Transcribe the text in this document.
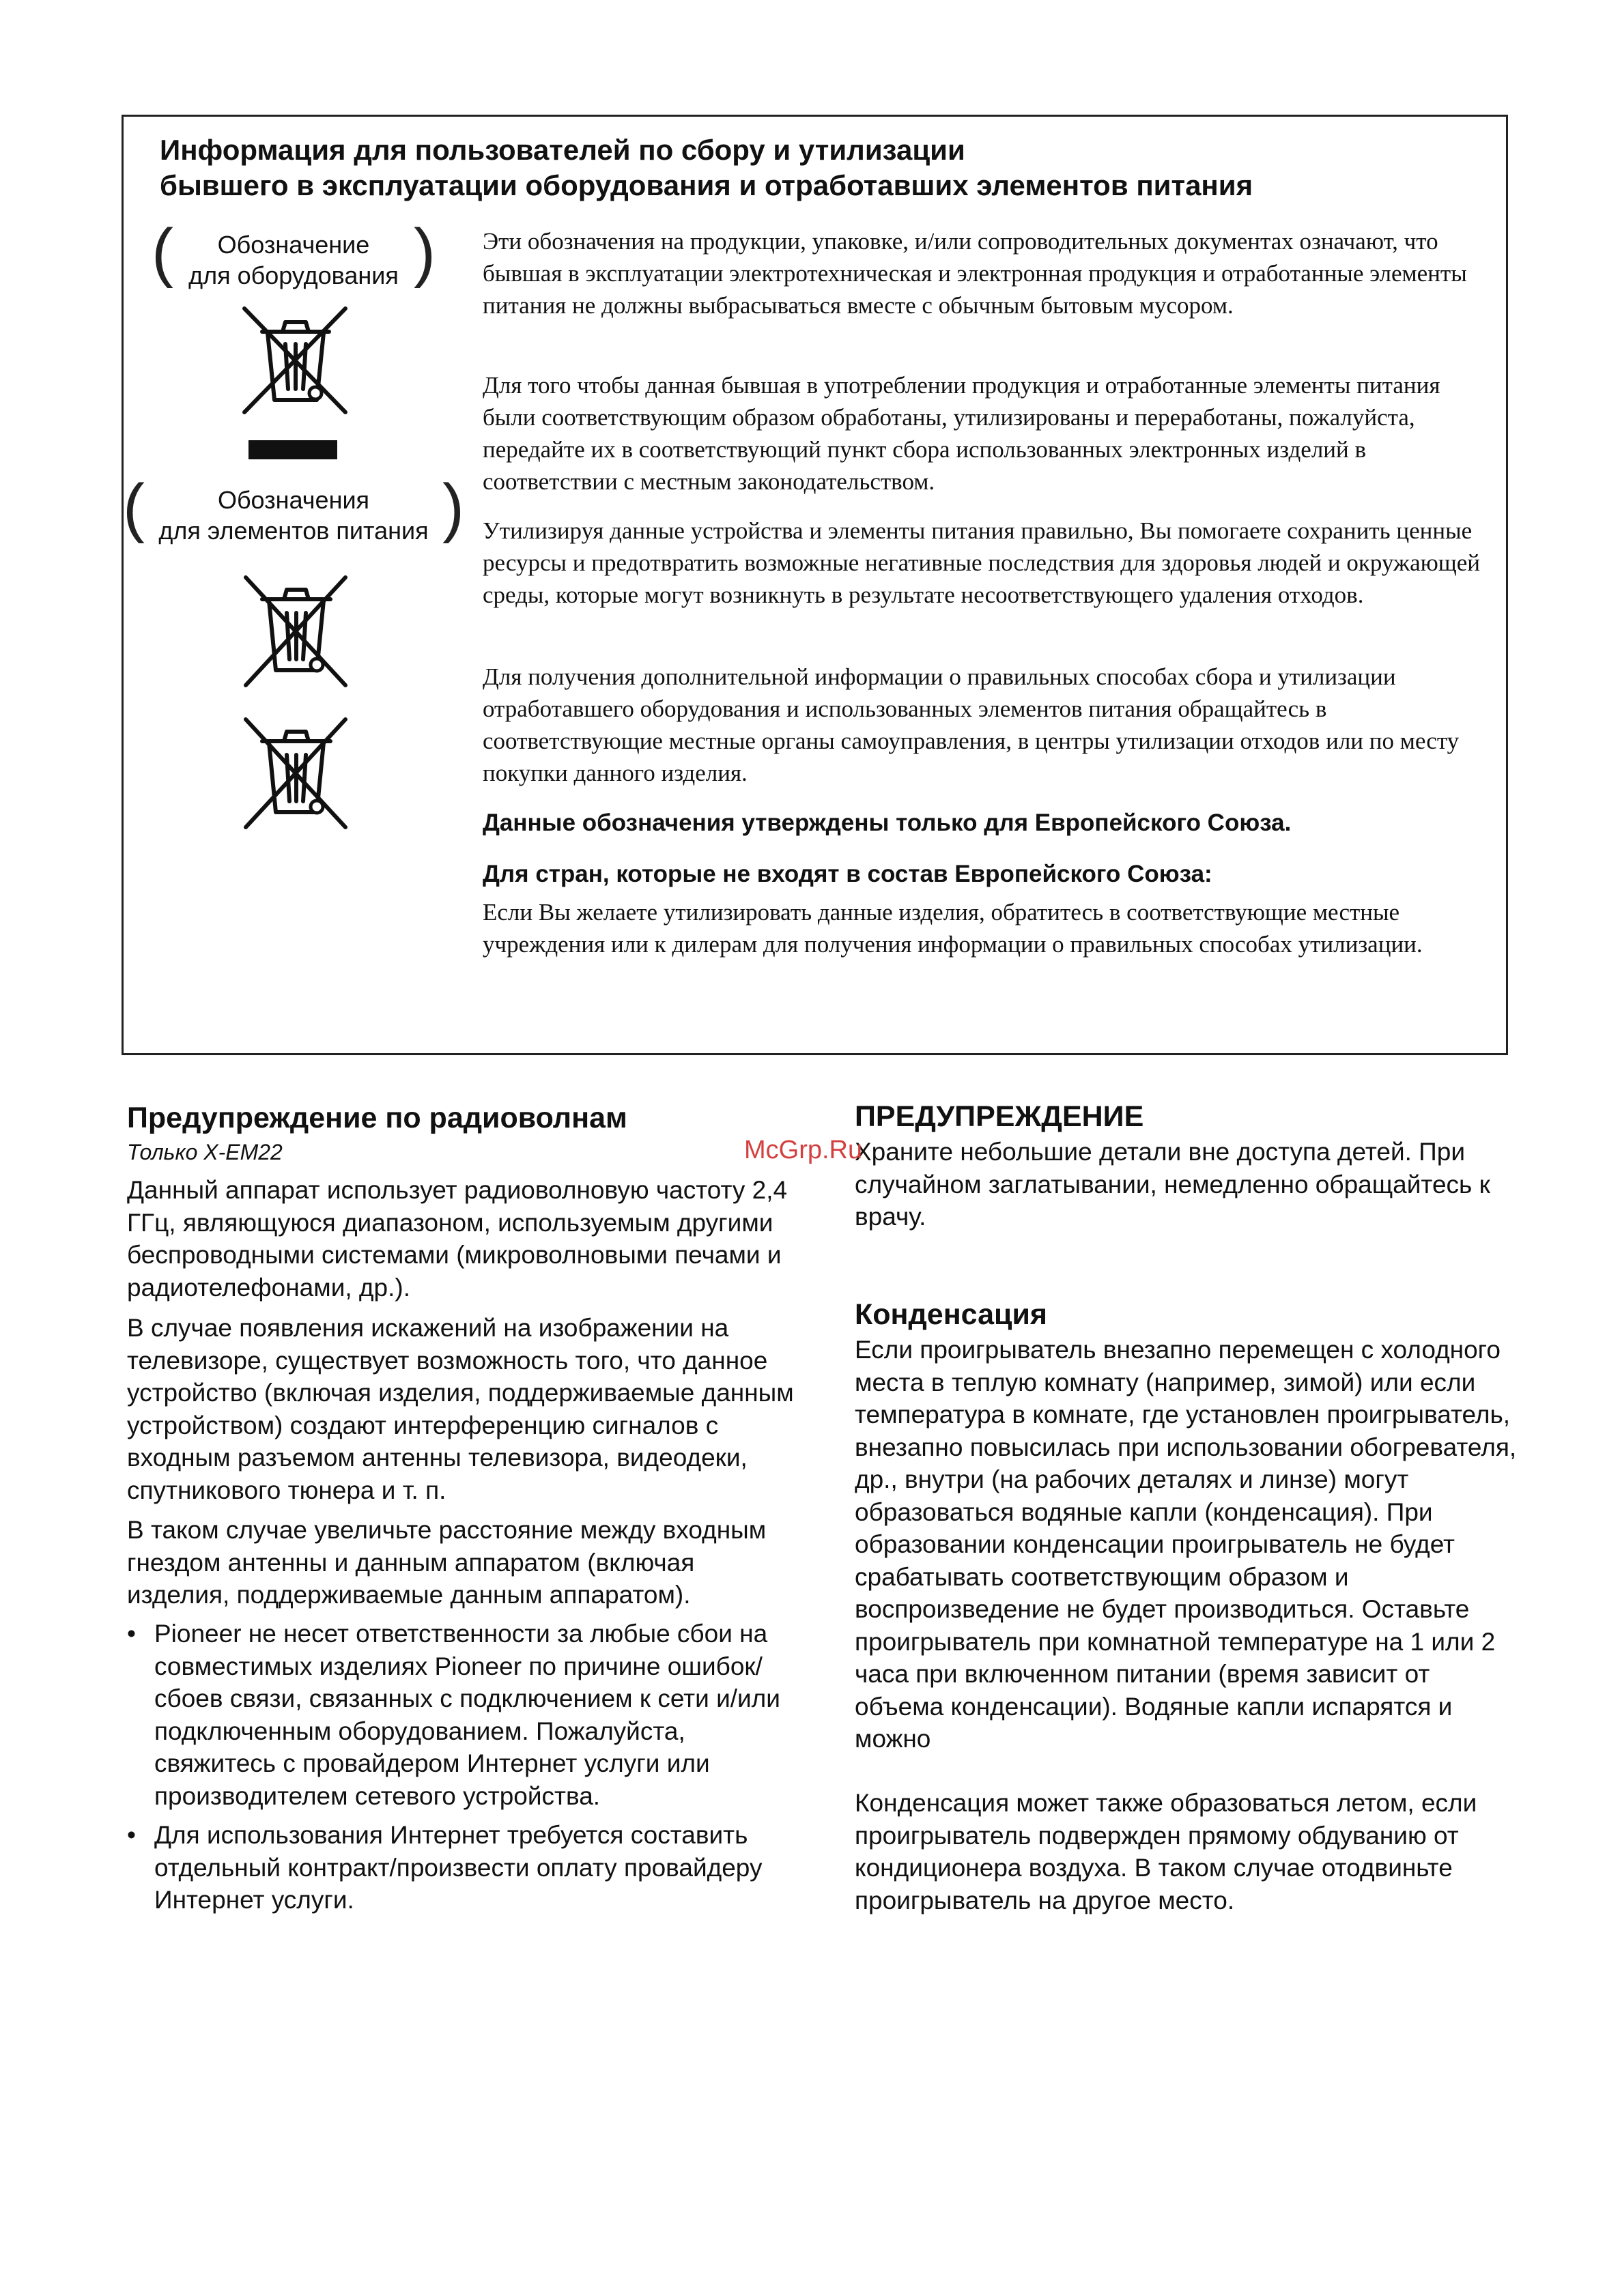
Информация для пользователей по сбору и утилизации
бывшего в эксплуатации оборудования и отработавших элементов питания
(	Обозначение
для оборудования )
(	Обозначения
для элементов питания )

Эти обозначения на продукции, упаковке, и/или сопроводительных документах означают, что бывшая в эксплуатации электротехническая и электронная продукция и отработанные элементы питания не должны выбрасываться вместе с обычным бытовым мусором.

Для того чтобы данная бывшая в употреблении продукция и отработанные элементы питания были соответствующим образом обработаны, утилизированы и переработаны, пожалуйста, передайте их в соответствующий пункт сбора использованных электронных изделий в соответствии с местным законодательством.

Утилизируя данные устройства и элементы питания правильно, Вы помогаете сохранить ценные ресурсы и предотвратить возможные негативные последствия для здоровья людей и окружающей среды, которые могут возникнуть в результате несоответствующего удаления отходов.

Для получения дополнительной информации о правильных способах сбора и утилизации отработавшего оборудования и использованных элементов питания обращайтесь в соответствующие местные органы самоуправления, в центры утилизации отходов или по месту покупки данного изделия.

Данные обозначения утверждены только для Европейского Союза.

Для стран, которые не входят в состав Европейского Союза:

Если Вы желаете утилизировать данные изделия, обратитесь в соответствующие местные учреждения или к дилерам для получения информации о правильных способах утилизации.

Предупреждение по радиоволнам
Только X-EM22

Данный аппарат использует радиоволновую частоту 2,4 ГГц, являющуюся диапазоном, используемым другими беспроводными системами (микроволновыми печами и радиотелефонами, др.).

В случае появления искажений на изображении на телевизоре, существует возможность того, что данное устройство (включая изделия, поддерживаемые данным устройством) создают интерференцию сигналов с входным разъемом антенны телевизора, видеодеки, спутникового тюнера и т. п.

В таком случае увеличьте расстояние между входным гнездом антенны и данным аппаратом (включая изделия, поддерживаемые данным аппаратом).

• Pioneer не несет ответственности за любые сбои на совместимых изделиях Pioneer по причине ошибок/сбоев связи, связанных с подключением к сети и/или подключенным оборудованием. Пожалуйста, свяжитесь с провайдером Интернет услуги или производителем сетевого устройства.
• Для использования Интернет требуется составить отдельный контракт/произвести оплату провайдеру Интернет услуги.
ПРЕДУПРЕЖДЕНИЕ

Храните небольшие детали вне доступа детей. При случайном заглатывании, немедленно обращайтесь к врачу.

Конденсация

Если проигрыватель внезапно перемещен с холодного места в теплую комнату (например, зимой) или если температура в комнате, где установлен проигрыватель, внезапно повысилась при использовании обогревателя, др., внутри (на рабочих деталях и линзе) могут образоваться водяные капли (конденсация). При образовании конденсации проигрыватель не будет срабатывать соответствующим образом и воспроизведение не будет производиться. Оставьте проигрыватель при комнатной температуре на 1 или 2 часа при включенном питании (время зависит от объема конденсации). Водяные капли испарятся и можно

Конденсация может также образоваться летом, если проигрыватель подвержден прямому обдуванию от кондиционера воздуха. В таком случае отодвиньте проигрыватель на другое место.

McGrp.Ru
